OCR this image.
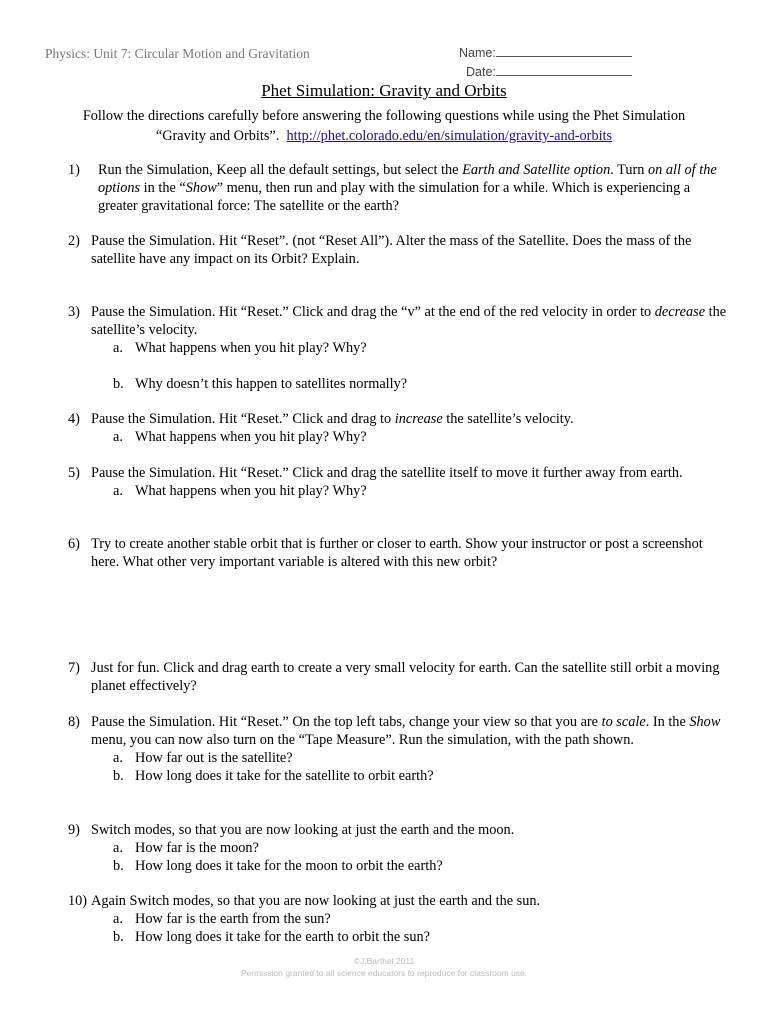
Physics: Unit 7: Circular Motion and Gravitation	Name:
Date:
Phet Simulation: Gravity and Orbits
Follow the directions carefully before answering the following questions while using the Phet Simulation
“Gravity and Orbits”. http://phet.colorado.edu/en/simulation/gravity-and-orbits
1) Run the Simulation, Keep all the default settings, but select the Earth and Satellite option. Turn on all of the options in the “Show” menu, then run and play with the simulation for a while. Which is experiencing a greater gravitational force: The satellite or the earth?
2) Pause the Simulation. Hit “Reset”. (not “Reset All”). Alter the mass of the Satellite. Does the mass of the satellite have any impact on its Orbit? Explain.
3) Pause the Simulation. Hit “Reset.” Click and drag the “v” at the end of the red velocity in order to decrease the satellite’s velocity.
a. What happens when you hit play? Why?
b. Why doesn’t this happen to satellites normally?
4) Pause the Simulation. Hit “Reset.” Click and drag to increase the satellite’s velocity.
a. What happens when you hit play? Why?
5) Pause the Simulation. Hit “Reset.” Click and drag the satellite itself to move it further away from earth.
a. What happens when you hit play? Why?
6) Try to create another stable orbit that is further or closer to earth. Show your instructor or post a screenshot here. What other very important variable is altered with this new orbit?
7) Just for fun. Click and drag earth to create a very small velocity for earth. Can the satellite still orbit a moving planet effectively?
8) Pause the Simulation. Hit “Reset.” On the top left tabs, change your view so that you are to scale. In the Show menu, you can now also turn on the “Tape Measure”. Run the simulation, with the path shown.
a. How far out is the satellite?
b. How long does it take for the satellite to orbit earth?
9) Switch modes, so that you are now looking at just the earth and the moon.
a. How far is the moon?
b. How long does it take for the moon to orbit the earth?
10) Again Switch modes, so that you are now looking at just the earth and the sun.
a. How far is the earth from the sun?
b. How long does it take for the earth to orbit the sun?
©J.Barthel 2011
Permission granted to all science educators to reproduce for classroom use.
